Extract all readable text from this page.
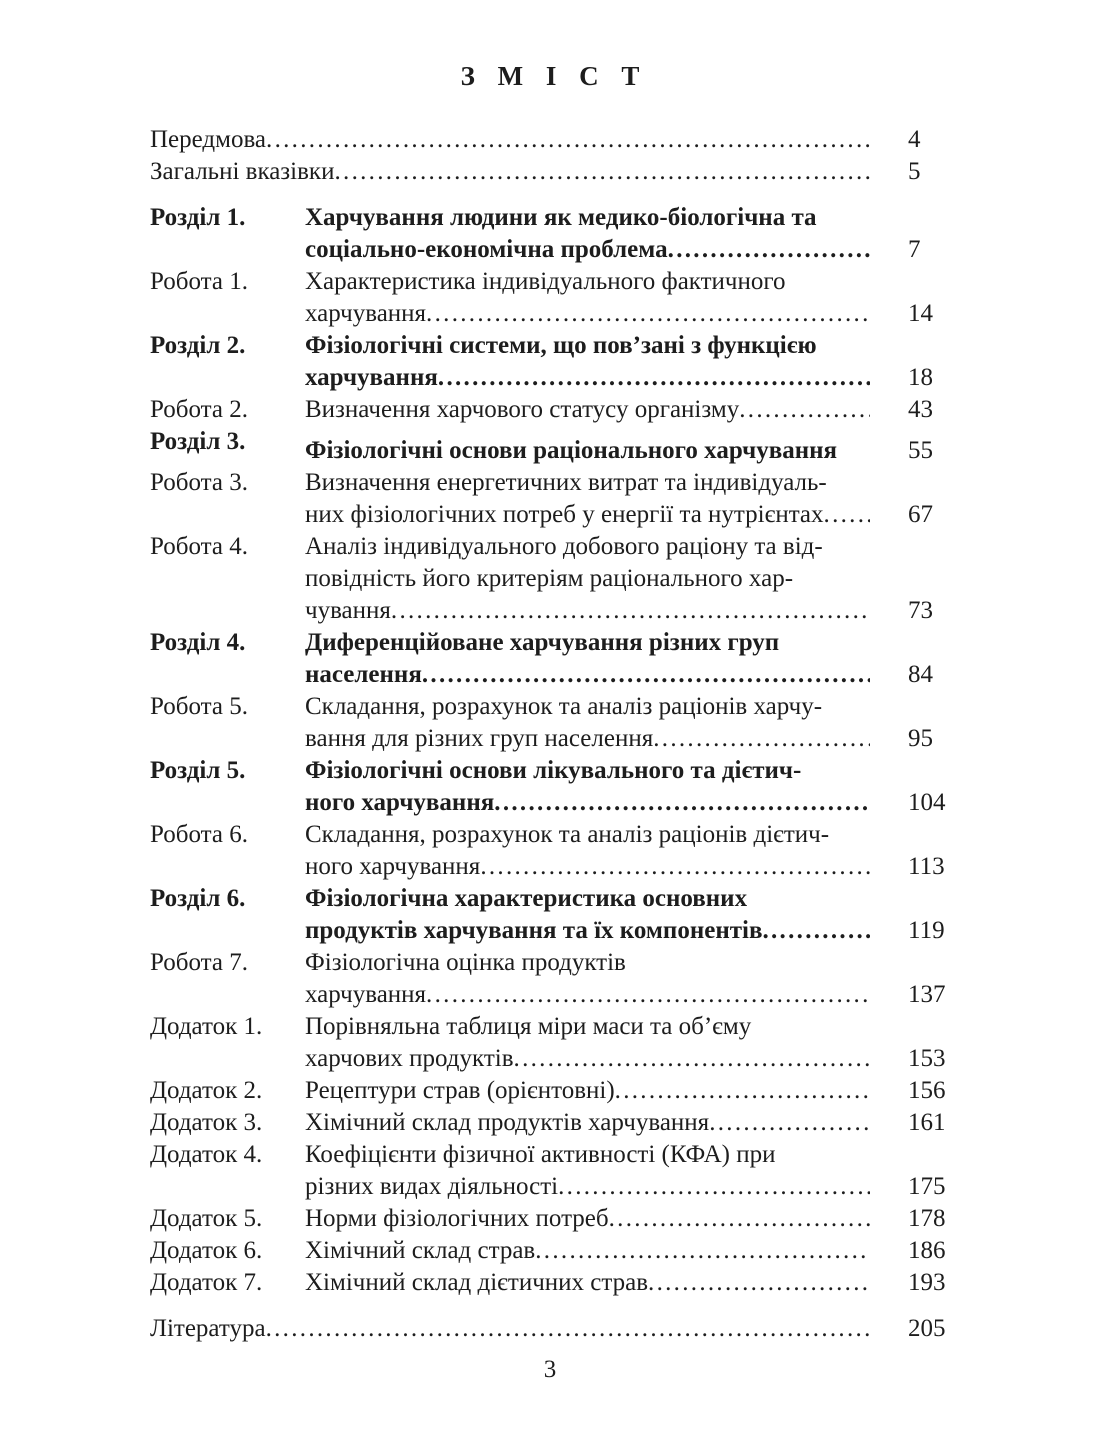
З М І С Т
Передмова .....	4
Загальні вказівки .....	5
Розділ 1.	Харчування людини як медико-біологічна та
соціально-економічна проблема .....	7
Робота 1.	Характеристика індивідуального фактичного
харчування .....	14
Розділ 2.	Фізіологічні системи, що пов’зані з функцією
харчування .....	18
Робота 2.	Визначення харчового статусу організму .....	43
Розділ 3.	Фізіологічні основи раціонального харчування	55
Робота 3.	Визначення енергетичних витрат та індивідуаль-
них фізіологічних потреб у енергії та нутрієнтах .....	67
Робота 4.	Аналіз індивідуального добового раціону та від-
повідність його критеріям раціонального хар-
чування .....	73
Розділ 4.	Диференційоване харчування різних груп
населення .....	84
Робота 5.	Складання, розрахунок та аналіз раціонів харчу-
вання для різних груп населення .....	95
Розділ 5.	Фізіологічні основи лікувального та дієтич-
ного харчування .....	104
Робота 6.	Складання, розрахунок та аналіз раціонів дієтич-
ного харчування .....	113
Розділ 6.	Фізіологічна характеристика основних
продуктів харчування та їх компонентів .....	119
Робота 7.	Фізіологічна оцінка продуктів
харчування .....	137
Додаток 1.	Порівняльна таблиця міри маси та об’єму
харчових продуктів .....	153
Додаток 2.	Рецептури страв (орієнтовні) .....	156
Додаток 3.	Хімічний склад продуктів харчування .....	161
Додаток 4.	Коефіцієнти фізичної активності (КФА) при
різних видах діяльності .....	175
Додаток 5.	Норми фізіологічних потреб .....	178
Додаток 6.	Хімічний склад страв .....	186
Додаток 7.	Хімічний склад дієтичних страв .....	193
Література .....	205
3
